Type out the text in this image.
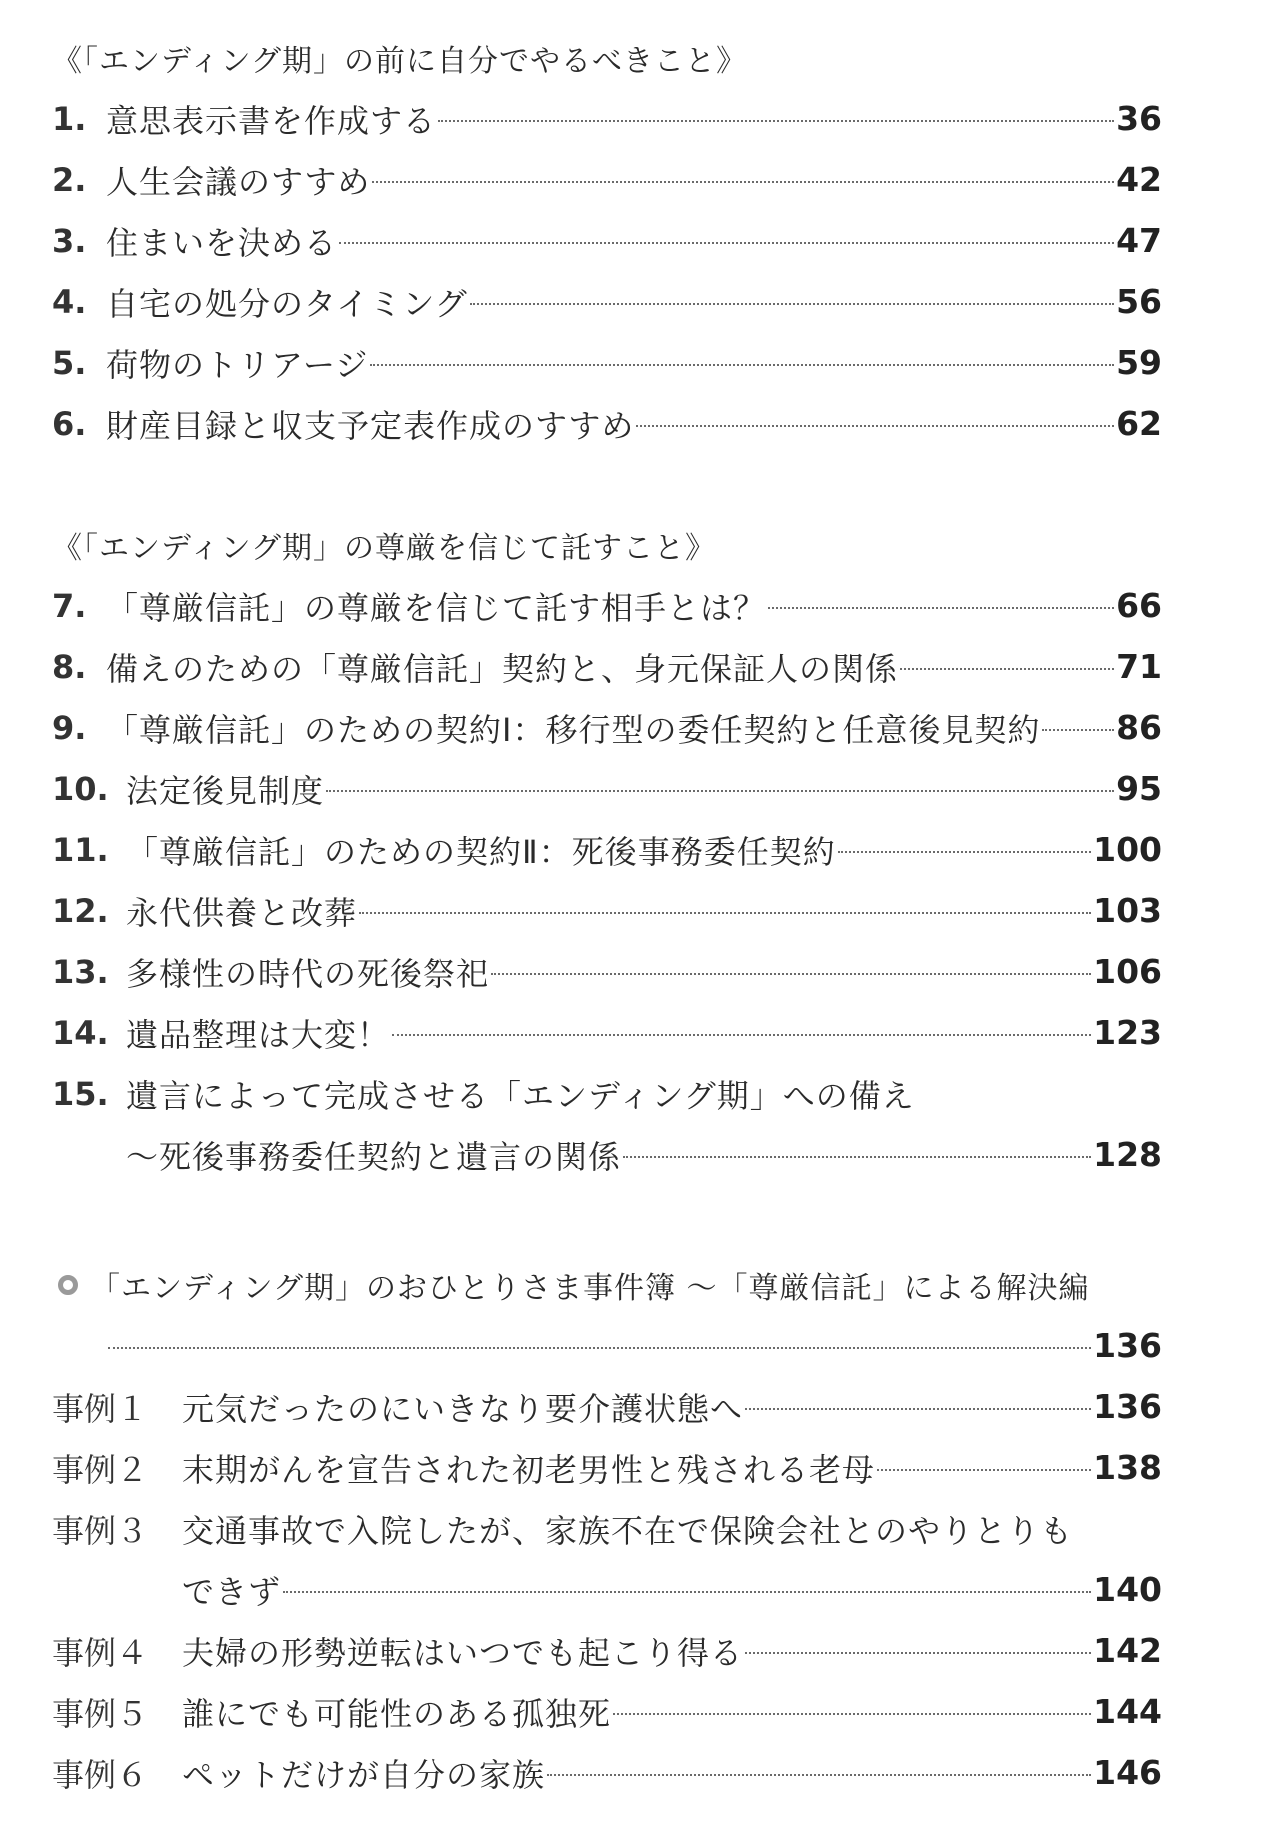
《「エンディング期」の前に自分でやるべきこと》
1. 意思表示書を作成する	36
2. 人生会議のすすめ	42
3. 住まいを決める	47
4. 自宅の処分のタイミング	56
5. 荷物のトリアージ	59
6. 財産目録と収支予定表作成のすすめ	62
《「エンディング期」の尊厳を信じて託すこと》
7. 「尊厳信託」の尊厳を信じて託す相手とは？	66
8. 備えのための「尊厳信託」契約と、身元保証人の関係	71
9. 「尊厳信託」のための契約Ⅰ：移行型の委任契約と任意後見契約 86
10. 法定後見制度	95
11. 「尊厳信託」のための契約Ⅱ：死後事務委任契約	100
12. 永代供養と改葬	103
13. 多様性の時代の死後祭祀	106
14. 遺品整理は大変！	123
15. 遺言によって完成させる「エンディング期」への備え
～死後事務委任契約と遺言の関係	128
「エンディング期」のおひとりさま事件簿 ～「尊厳信託」による解決編
136
事例１	元気だったのにいきなり要介護状態へ	136
事例２	末期がんを宣告された初老男性と残される老母	138
事例３	交通事故で入院したが、家族不在で保険会社とのやりとりも
できず	140
事例４	夫婦の形勢逆転はいつでも起こり得る	142
事例５	誰にでも可能性のある孤独死	144
事例６	ペットだけが自分の家族	146
